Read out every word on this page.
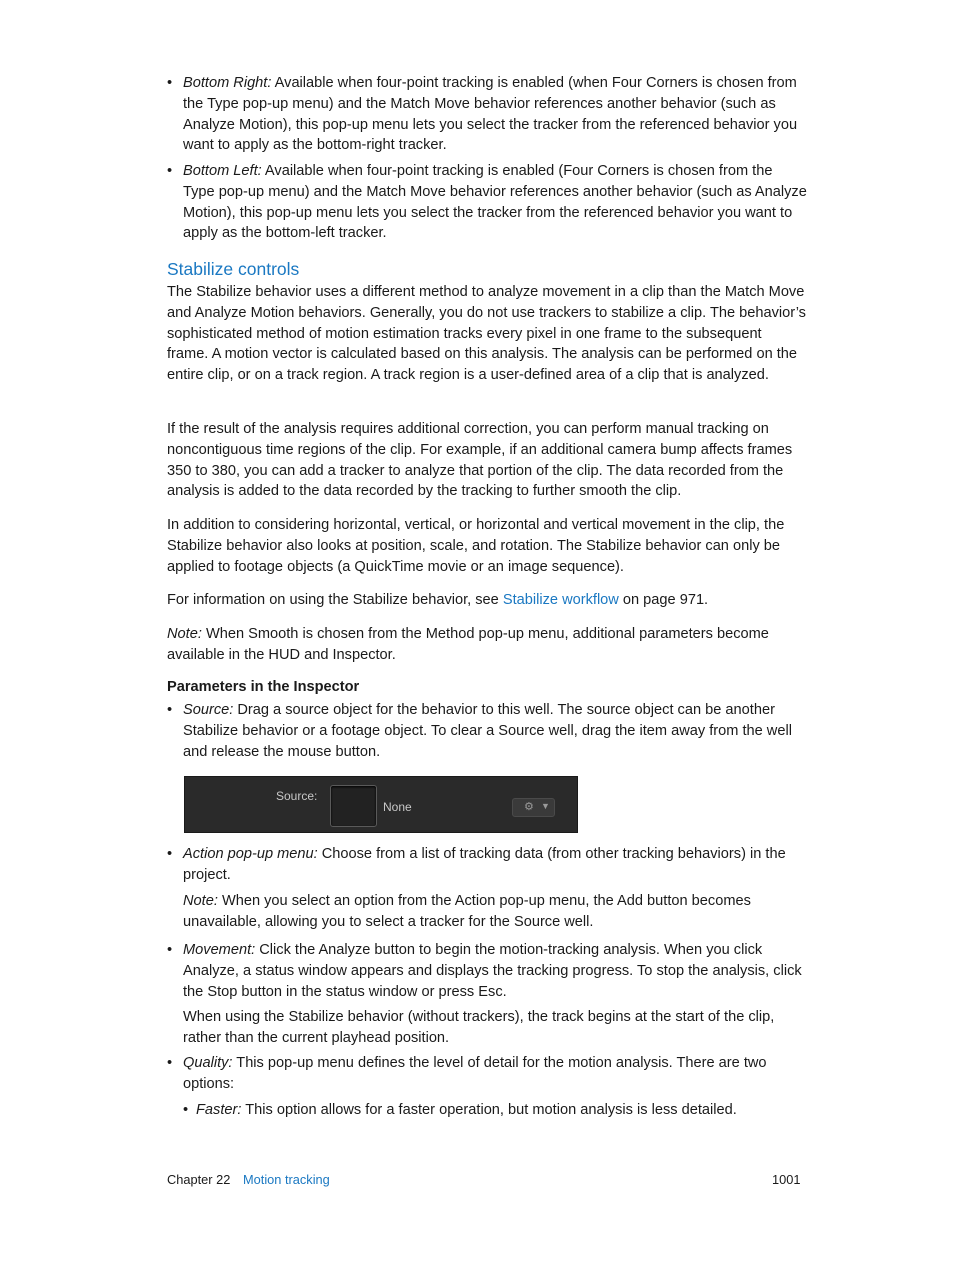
• Bottom Right: Available when four-point tracking is enabled (when Four Corners is chosen from the Type pop-up menu) and the Match Move behavior references another behavior (such as Analyze Motion), this pop-up menu lets you select the tracker from the referenced behavior you want to apply as the bottom-right tracker.
• Bottom Left: Available when four-point tracking is enabled (Four Corners is chosen from the Type pop-up menu) and the Match Move behavior references another behavior (such as Analyze Motion), this pop-up menu lets you select the tracker from the referenced behavior you want to apply as the bottom-left tracker.
Stabilize controls
The Stabilize behavior uses a different method to analyze movement in a clip than the Match Move and Analyze Motion behaviors. Generally, you do not use trackers to stabilize a clip. The behavior’s sophisticated method of motion estimation tracks every pixel in one frame to the subsequent frame. A motion vector is calculated based on this analysis. The analysis can be performed on the entire clip, or on a track region. A track region is a user-defined area of a clip that is analyzed.
If the result of the analysis requires additional correction, you can perform manual tracking on noncontiguous time regions of the clip. For example, if an additional camera bump affects frames 350 to 380, you can add a tracker to analyze that portion of the clip. The data recorded from the analysis is added to the data recorded by the tracking to further smooth the clip.
In addition to considering horizontal, vertical, or horizontal and vertical movement in the clip, the Stabilize behavior also looks at position, scale, and rotation. The Stabilize behavior can only be applied to footage objects (a QuickTime movie or an image sequence).
For information on using the Stabilize behavior, see Stabilize workflow on page 971.
Note: When Smooth is chosen from the Method pop-up menu, additional parameters become available in the HUD and Inspector.
Parameters in the Inspector
• Source: Drag a source object for the behavior to this well. The source object can be another Stabilize behavior or a footage object. To clear a Source well, drag the item away from the well and release the mouse button.
Source:
None	⚙ ▼
• Action pop-up menu: Choose from a list of tracking data (from other tracking behaviors) in the project.
Note: When you select an option from the Action pop-up menu, the Add button becomes unavailable, allowing you to select a tracker for the Source well.
• Movement: Click the Analyze button to begin the motion-tracking analysis. When you click Analyze, a status window appears and displays the tracking progress. To stop the analysis, click the Stop button in the status window or press Esc.
When using the Stabilize behavior (without trackers), the track begins at the start of the clip, rather than the current playhead position.
• Quality: This pop-up menu defines the level of detail for the motion analysis. There are two options:
• Faster: This option allows for a faster operation, but motion analysis is less detailed.
Chapter 22 Motion tracking	1001
